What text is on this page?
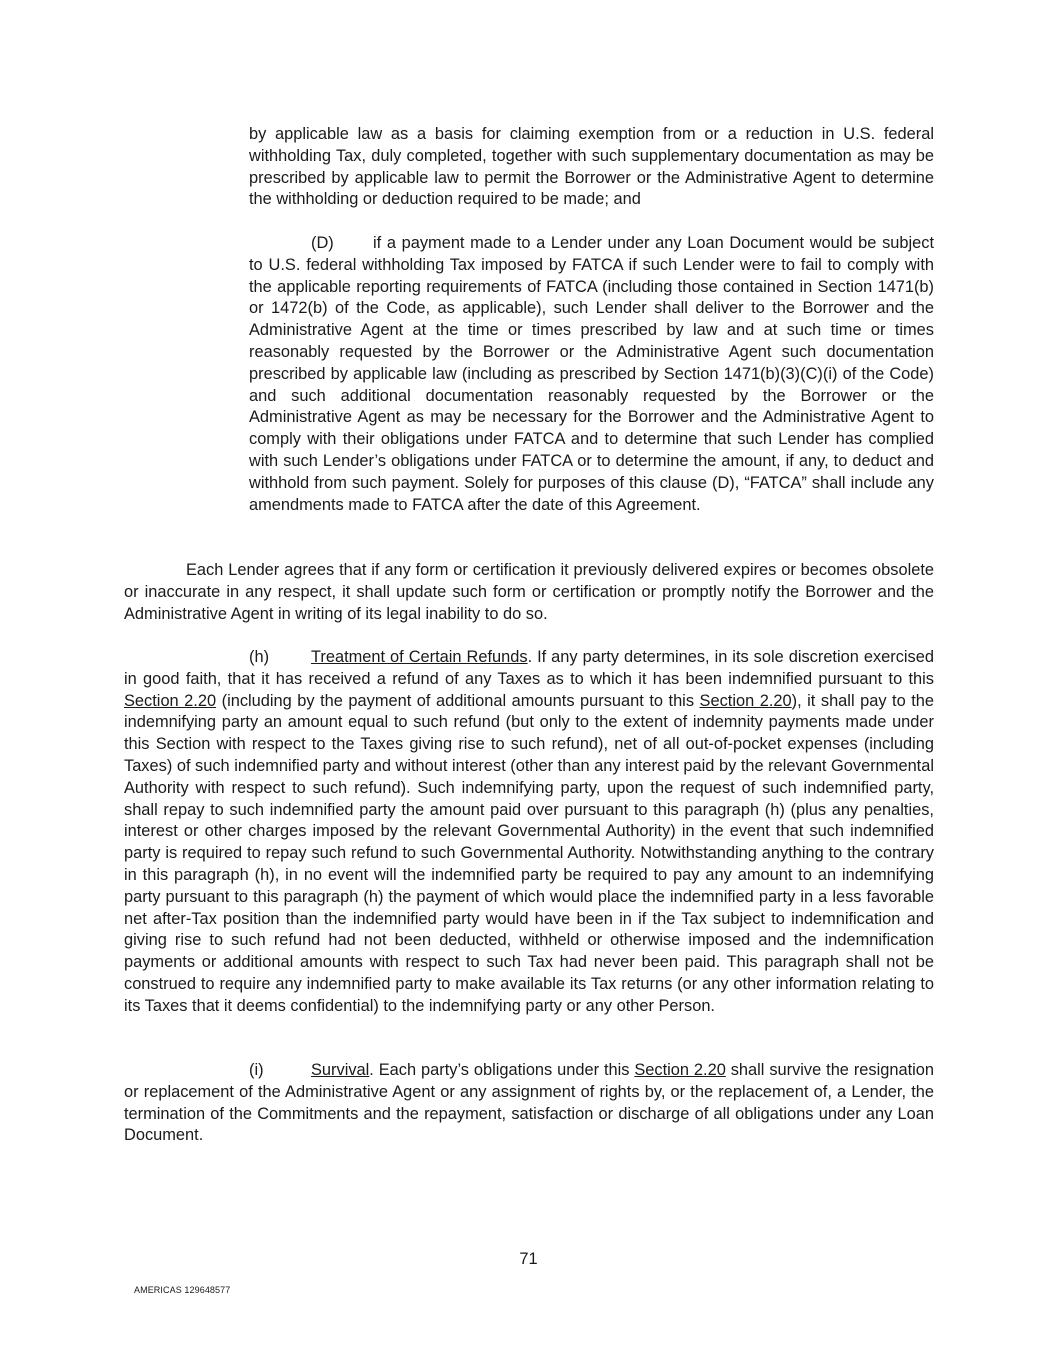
by applicable law as a basis for claiming exemption from or a reduction in U.S. federal withholding Tax, duly completed, together with such supplementary documentation as may be prescribed by applicable law to permit the Borrower or the Administrative Agent to determine the withholding or deduction required to be made; and

(D) if a payment made to a Lender under any Loan Document would be subject to U.S. federal withholding Tax imposed by FATCA if such Lender were to fail to comply with the applicable reporting requirements of FATCA (including those contained in Section 1471(b) or 1472(b) of the Code, as applicable), such Lender shall deliver to the Borrower and the Administrative Agent at the time or times prescribed by law and at such time or times reasonably requested by the Borrower or the Administrative Agent such documentation prescribed by applicable law (including as prescribed by Section 1471(b)(3)(C)(i) of the Code) and such additional documentation reasonably requested by the Borrower or the Administrative Agent as may be necessary for the Borrower and the Administrative Agent to comply with their obligations under FATCA and to determine that such Lender has complied with such Lender’s obligations under FATCA or to determine the amount, if any, to deduct and withhold from such payment. Solely for purposes of this clause (D), “FATCA” shall include any amendments made to FATCA after the date of this Agreement.

Each Lender agrees that if any form or certification it previously delivered expires or becomes obsolete or inaccurate in any respect, it shall update such form or certification or promptly notify the Borrower and the Administrative Agent in writing of its legal inability to do so.

(h)	Treatment of Certain Refunds. If any party determines, in its sole discretion exercised in good faith, that it has received a refund of any Taxes as to which it has been indemnified pursuant to this Section 2.20 (including by the payment of additional amounts pursuant to this Section 2.20), it shall pay to the indemnifying party an amount equal to such refund (but only to the extent of indemnity payments made under this Section with respect to the Taxes giving rise to such refund), net of all out-of-pocket expenses (including Taxes) of such indemnified party and without interest (other than any interest paid by the relevant Governmental Authority with respect to such refund). Such indemnifying party, upon the request of such indemnified party, shall repay to such indemnified party the amount paid over pursuant to this paragraph (h) (plus any penalties, interest or other charges imposed by the relevant Governmental Authority) in the event that such indemnified party is required to repay such refund to such Governmental Authority. Notwithstanding anything to the contrary in this paragraph (h), in no event will the indemnified party be required to pay any amount to an indemnifying party pursuant to this paragraph (h) the payment of which would place the indemnified party in a less favorable net after-Tax position than the indemnified party would have been in if the Tax subject to indemnification and giving rise to such refund had not been deducted, withheld or otherwise imposed and the indemnification payments or additional amounts with respect to such Tax had never been paid. This paragraph shall not be construed to require any indemnified party to make available its Tax returns (or any other information relating to its Taxes that it deems confidential) to the indemnifying party or any other Person.

(i)	Survival. Each party’s obligations under this Section 2.20 shall survive the resignation or replacement of the Administrative Agent or any assignment of rights by, or the replacement of, a Lender, the termination of the Commitments and the repayment, satisfaction or discharge of all obligations under any Loan Document.

71
AMERICAS 129648577
